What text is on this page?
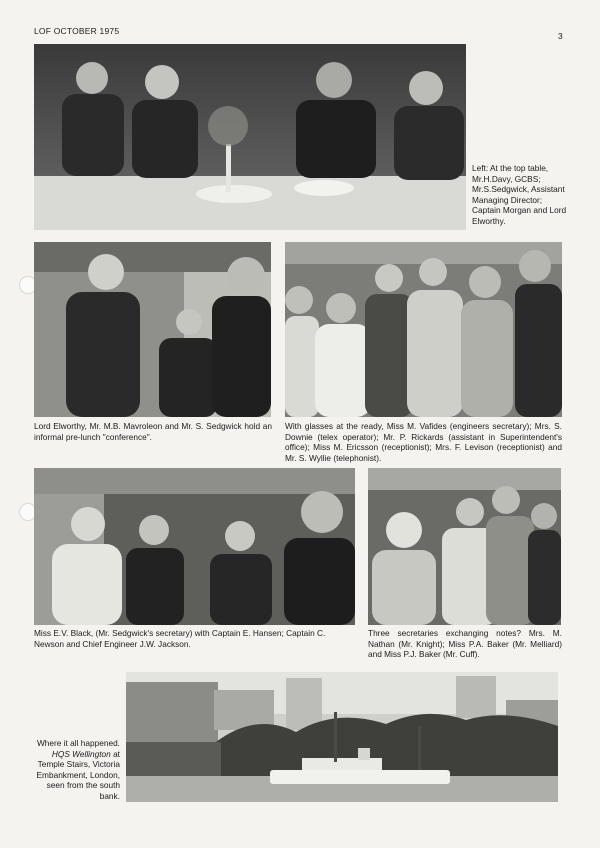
LOF OCTOBER 1975	3
Left: At the top table, Mr.H.Davy, GCBS; Mr.S.Sedgwick, Assistant Managing Director; Captain Morgan and Lord Elworthy.
Lord Elworthy, Mr. M.B. Mavroleon and Mr. S. Sedgwick hold an informal pre-lunch "conference".
With glasses at the ready, Miss M. Vafides (engineers secretary); Mrs. S. Downie (telex operator); Mr. P. Rickards (assistant in Superintendent's office); Miss M. Ericsson (receptionist); Mrs. F. Levison (receptionist) and Mr. S. Wyllie (telephonist).
Miss E.V. Black, (Mr. Sedgwick's secretary) with Captain E. Hansen; Captain C. Newson and Chief Engineer J.W. Jackson.
Three secretaries exchanging notes? Mrs. M. Nathan (Mr. Knight); Miss P.A. Baker (Mr. Melliard) and Miss P.J. Baker (Mr. Cuff).
Where it all happened. HQS Wellington at Temple Stairs, Victoria Embankment, London, seen from the south bank.
